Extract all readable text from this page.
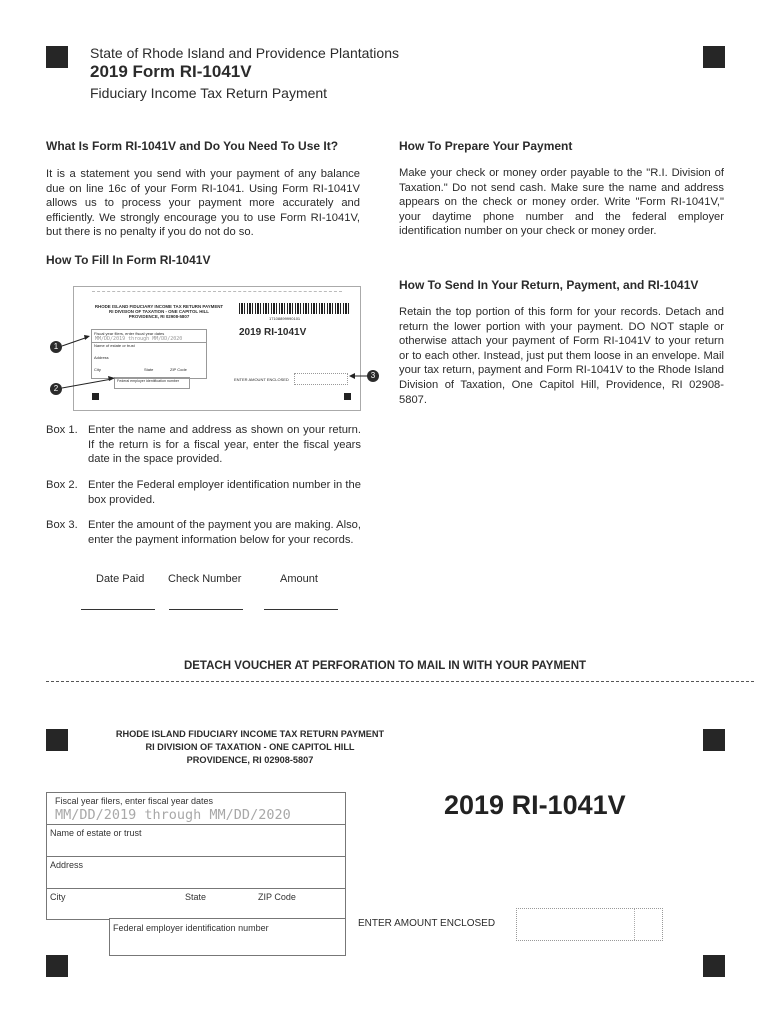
State of Rhode Island and Providence Plantations
2019 Form RI-1041V
Fiduciary Income Tax Return Payment
What Is Form RI-1041V and Do You Need To Use It?
It is a statement you send with your payment of any balance due on line 16c of your Form RI-1041. Using Form RI-1041V allows us to process your payment more accurately and efficiently. We strongly encourage you to use Form RI-1041V, but there is no penalty if you do not do so.
How To Fill In Form RI-1041V
RHODE ISLAND FIDUCIARY INCOME TAX RETURN PAYMENT
RI DIVISION OF TAXATION - ONE CAPITOL HILL
PROVIDENCE, RI 02908-5807	17108899990101
2019 RI-1041V
Fiscal year filers, enter fiscal year dates
MM/DD/2019 through MM/DD/2020
Name of estate or trust
Address
City	State	ZIP Code
Federal employer identification number	ENTER AMOUNT ENCLOSED
1
2
3
Box 1. Enter the name and address as shown on your return. If the return is for a fiscal year, enter the fiscal years date in the space provided.
Box 2. Enter the Federal employer identification number in the box provided.
Box 3. Enter the amount of the payment you are making. Also, enter the payment information below for your records.
Date Paid Check Number	Amount
How To Prepare Your Payment
Make your check or money order payable to the "R.I. Division of Taxation." Do not send cash. Make sure the name and address appears on the check or money order. Write "Form RI-1041V," your daytime phone number and the federal employer identification number on your check or money order.
How To Send In Your Return, Payment, and RI-1041V
Retain the top portion of this form for your records. Detach and return the lower portion with your payment. DO NOT staple or otherwise attach your payment of Form RI-1041V to your return or to each other. Instead, just put them loose in an envelope. Mail your tax return, payment and Form RI-1041V to the Rhode Island Division of Taxation, One Capitol Hill, Providence, RI 02908-5807.
DETACH VOUCHER AT PERFORATION TO MAIL IN WITH YOUR PAYMENT
RHODE ISLAND FIDUCIARY INCOME TAX RETURN PAYMENT
RI DIVISION OF TAXATION - ONE CAPITOL HILL
PROVIDENCE, RI 02908-5807
2019 RI-1041V
Fiscal year filers, enter fiscal year dates
MM/DD/2019 through MM/DD/2020
Name of estate or trust
Address
City	State	ZIP Code
Federal employer identification number	ENTER AMOUNT ENCLOSED
